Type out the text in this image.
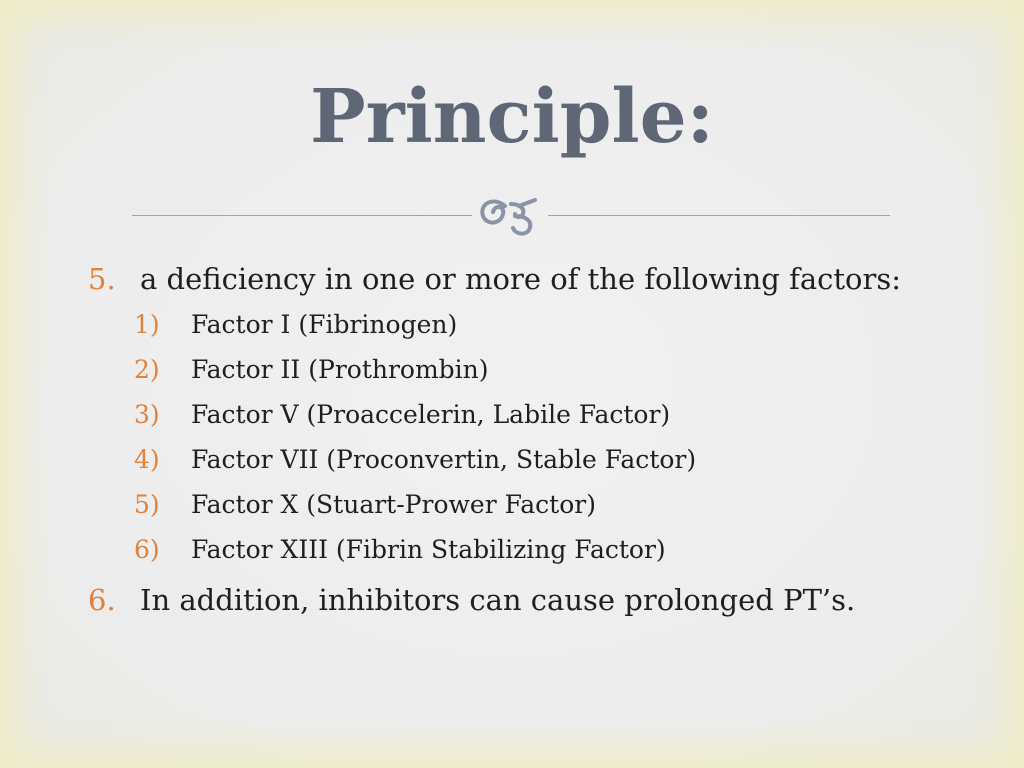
Principle:
5. a deficiency in one or more of the following factors:
1) Factor I (Fibrinogen)
2) Factor II (Prothrombin)
3) Factor V (Proaccelerin, Labile Factor)
4) Factor VII (Proconvertin, Stable Factor)
5) Factor X (Stuart-Prower Factor)
6) Factor XIII (Fibrin Stabilizing Factor)
6. In addition, inhibitors can cause prolonged PT’s.
